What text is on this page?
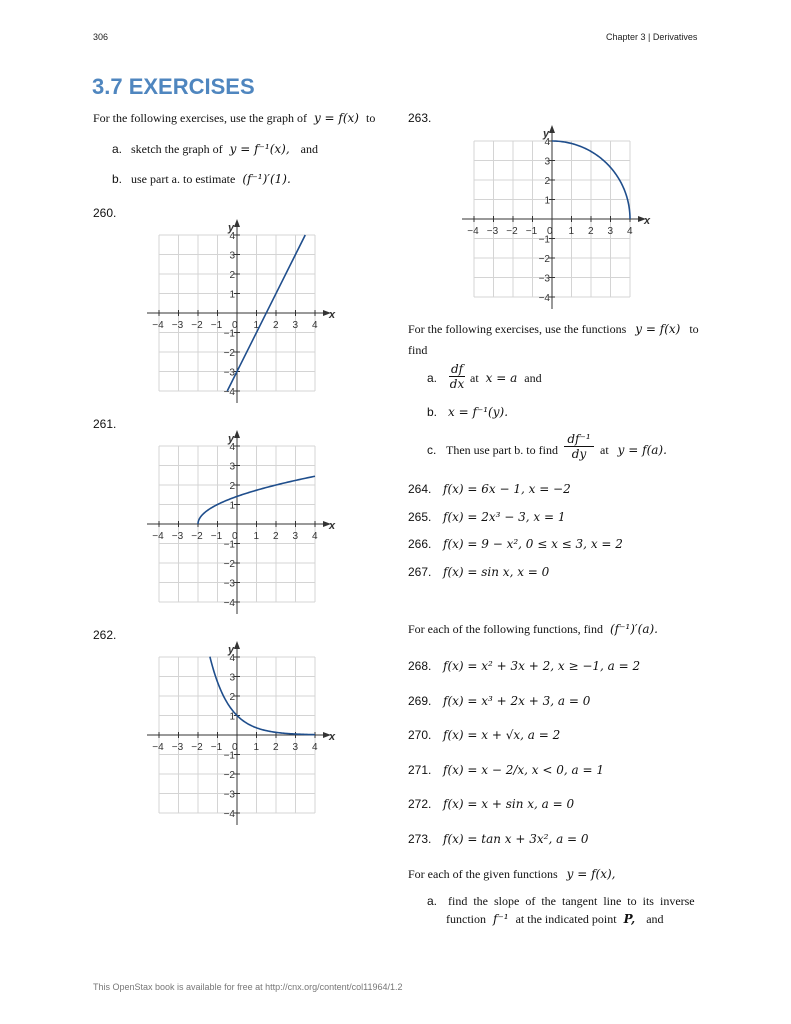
306	Chapter 3 | Derivatives
3.7 EXERCISES
For the following exercises, use the graph of y = f(x) to
a. sketch the graph of y = f⁻¹(x), and
b. use part a. to estimate (f⁻¹)′(1).
260.
261.
262.
263.
−4 −3 −2 −1 0 1 2 3 4
4
3
2
1
−1
−2
−3
−4
x
y
−4 −3 −2 −1 0 1 2 3 4
4
3
2
1
−1
−2
−3
−4
x
y
−4 −3 −2 −1 0 1 2 3 4
4
3
2
1
−1
−2
−3
−4
x
y
−4 −3 −2 −1 0 1 2 3 4
4
3
2
1
−1
−2
−3
−4
x
y
For the following exercises, use the functions y = f(x) to
find
a. $\frac{df}{dx}$ at x = a and
b. x = f⁻¹(y).
c. Then use part b. to find $\frac{\text{df⁻¹}}{dy}$ at y = f(a).
264. f(x) = 6x − 1, x = −2
265. f(x) = 2x³ − 3, x = 1
266. f(x) = 9 − x², 0 ≤ x ≤ 3, x = 2
267. f(x) = sin x, x = 0
268. f(x) = x² + 3x + 2, x ≥ −1, a = 2
269. f(x) = x³ + 2x + 3, a = 0
270. f(x) = x + √x, a = 2
271. f(x) = x − 2/x, x < 0, a = 1
272. f(x) = x + sin x, a = 0
273. f(x) = tan x + 3x², a = 0
For each of the following functions, find (f⁻¹)′(a).
For each of the given functions y = f(x),
a. find the slope of the tangent line to its inverse
function f⁻¹ at the indicated point P, and
This OpenStax book is available for free at http://cnx.org/content/col11964/1.2
